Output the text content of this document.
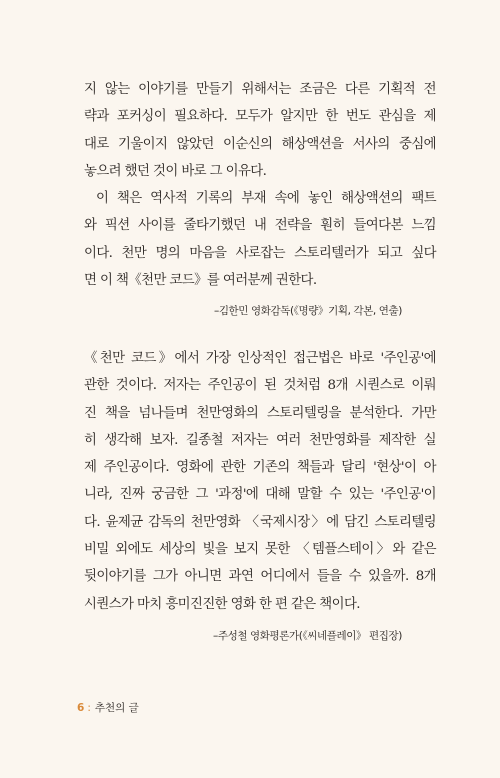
지 않는 이야기를 만들기 위해서는 조금은 다른 기획적 전
략과 포커싱이 필요하다. 모두가 알지만 한 번도 관심을 제
대로 기울이지 않았던 이순신의 해상액션을 서사의 중심에
놓으려 했던 것이 바로 그 이유다.
이 책은 역사적 기록의 부재 속에 놓인 해상액션의 팩트
와 픽션 사이를 줄타기했던 내 전략을 훤히 들여다본 느낌
이다. 천만 명의 마음을 사로잡는 스토리텔러가 되고 싶다
면 이 책《천만 코드》를 여러분께 권한다.
–김한민 영화감독(《명량》기획, 각본, 연출)
《천만 코드》에서 가장 인상적인 접근법은 바로 '주인공'에
관한 것이다. 저자는 주인공이 된 것처럼 8개 시퀀스로 이뤄
진 책을 넘나들며 천만영화의 스토리텔링을 분석한다. 가만
히 생각해 보자. 길종철 저자는 여러 천만영화를 제작한 실
제 주인공이다. 영화에 관한 기존의 책들과 달리 '현상'이 아
니라, 진짜 궁금한 그 '과정'에 대해 말할 수 있는 '주인공'이
다. 윤제균 감독의 천만영화 〈국제시장〉에 담긴 스토리텔링
비밀 외에도 세상의 빛을 보지 못한 〈템플스테이〉와 같은
뒷이야기를 그가 아니면 과연 어디에서 들을 수 있을까. 8개
시퀀스가 마치 흥미진진한 영화 한 편 같은 책이다.
–주성철 영화평론가(《씨네플레이》 편집장)
6 : 추천의 글
